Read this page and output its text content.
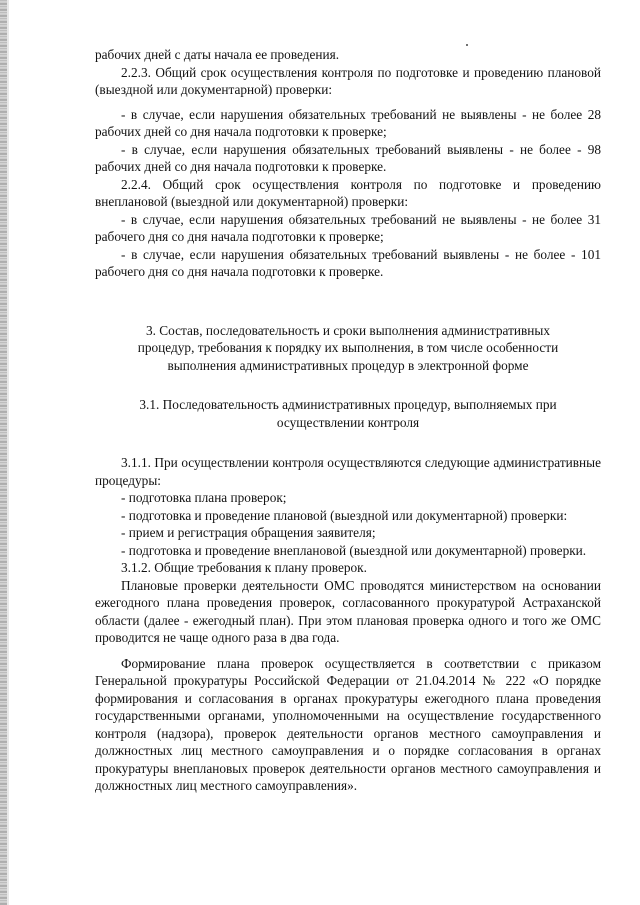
рабочих дней с даты начала ее проведения.

2.2.3. Общий срок осуществления контроля по подготовке и проведению плановой (выездной или документарной) проверки:

- в случае, если нарушения обязательных требований не выявлены - не более 28 рабочих дней со дня начала подготовки к проверке;

- в случае, если нарушения обязательных требований выявлены - не более - 98 рабочих дней со дня начала подготовки к проверке.

2.2.4. Общий срок осуществления контроля по подготовке и проведению внеплановой (выездной или документарной) проверки:

- в случае, если нарушения обязательных требований не выявлены - не более 31 рабочего дня со дня начала подготовки к проверке;

- в случае, если нарушения обязательных требований выявлены - не более - 101 рабочего дня со дня начала подготовки к проверке.

3. Состав, последовательность и сроки выполнения административных процедур, требования к порядку их выполнения, в том числе особенности выполнения административных процедур в электронной форме

3.1. Последовательность административных процедур, выполняемых при осуществлении контроля

3.1.1. При осуществлении контроля осуществляются следующие административные процедуры:

- подготовка плана проверок;

- подготовка и проведение плановой (выездной или документарной) проверки:

- прием и регистрация обращения заявителя;

- подготовка и проведение внеплановой (выездной или документарной) проверки.

3.1.2. Общие требования к плану проверок.

Плановые проверки деятельности ОМС проводятся министерством на основании ежегодного плана проведения проверок, согласованного прокуратурой Астраханской области (далее - ежегодный план). При этом плановая проверка одного и того же ОМС проводится не чаще одного раза в два года.

Формирование плана проверок осуществляется в соответствии с приказом Генеральной прокуратуры Российской Федерации от 21.04.2014 № 222 «О порядке формирования и согласования в органах прокуратуры ежегодного плана проведения государственными органами, уполномоченными на осуществление государственного контроля (надзора), проверок деятельности органов местного самоуправления и должностных лиц местного самоуправления и о порядке согласования в органах прокуратуры внеплановых проверок деятельности органов местного самоуправления и должностных лиц местного самоуправления».
